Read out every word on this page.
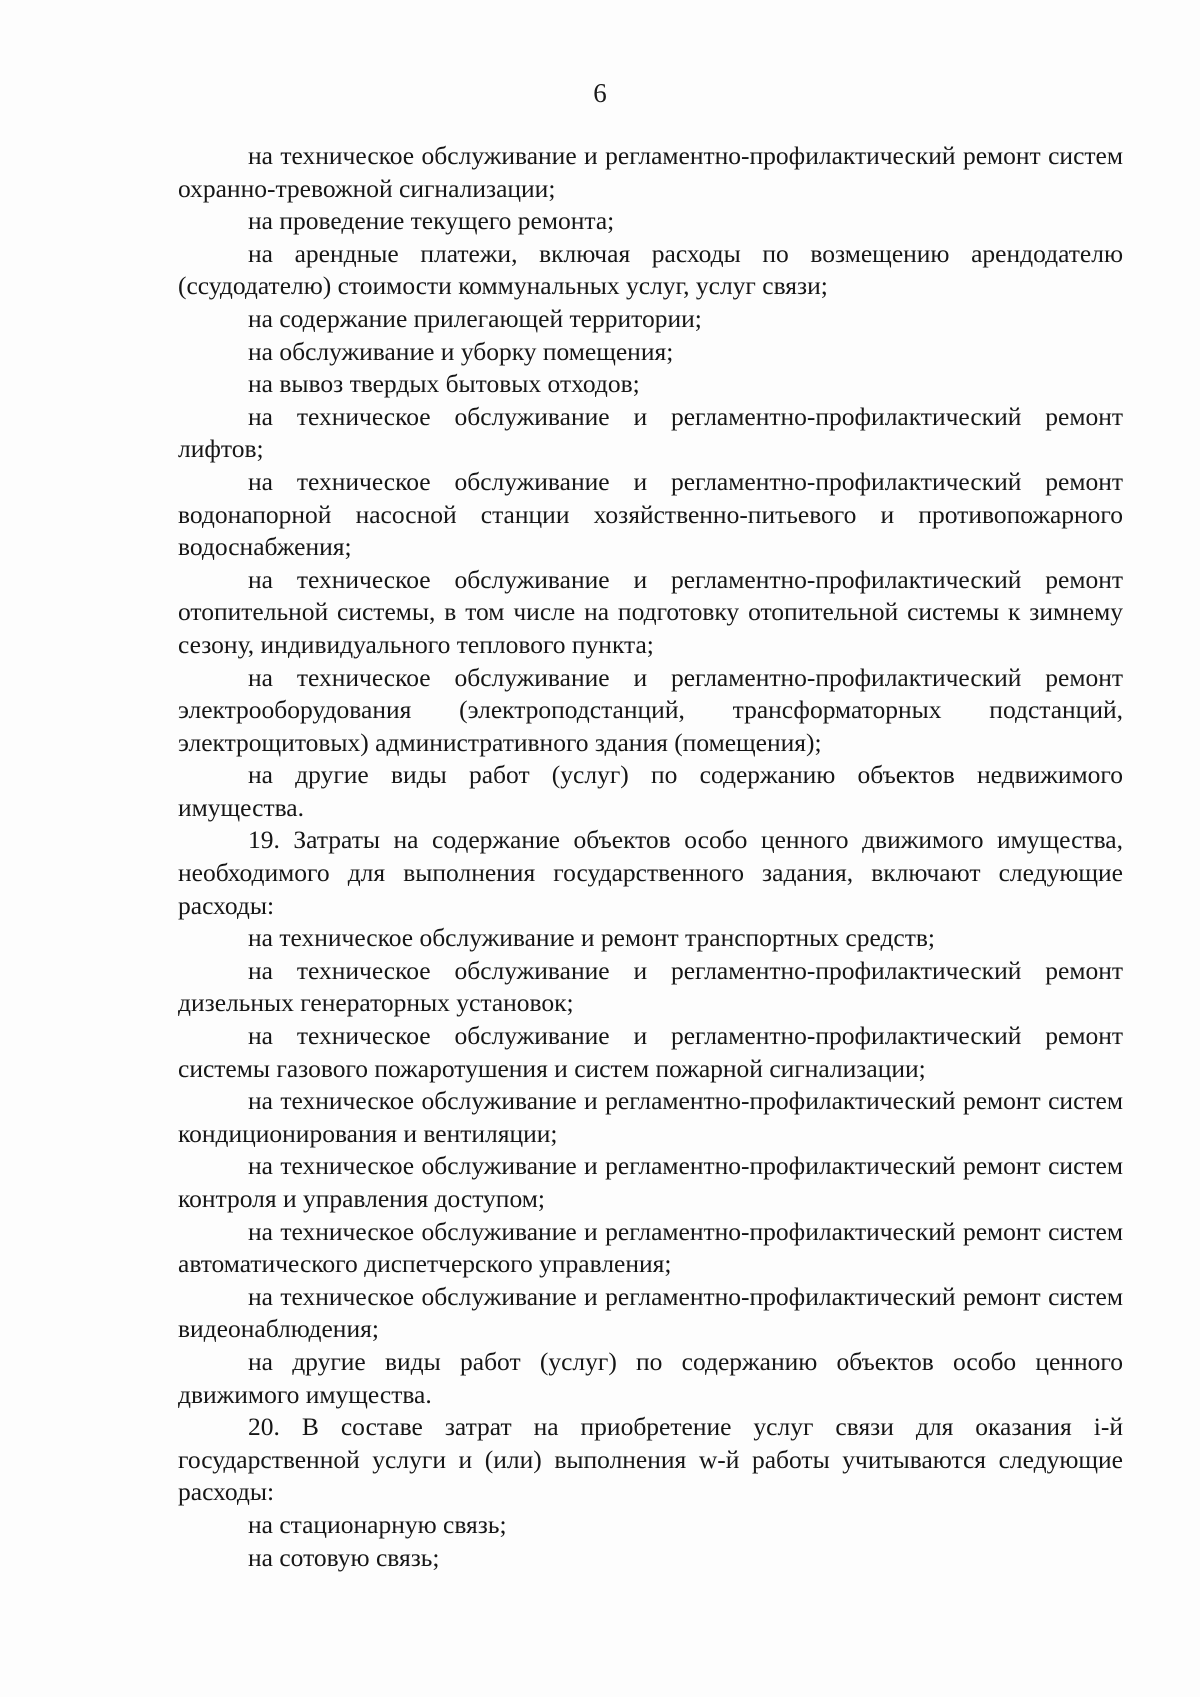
6

на техническое обслуживание и регламентно-профилактический ремонт систем охранно-тревожной сигнализации;

на проведение текущего ремонта;

на арендные платежи, включая расходы по возмещению арендодателю (ссудодателю) стоимости коммунальных услуг, услуг связи;

на содержание прилегающей территории;

на обслуживание и уборку помещения;

на вывоз твердых бытовых отходов;

на техническое обслуживание и регламентно-профилактический ремонт лифтов;

на техническое обслуживание и регламентно-профилактический ремонт водонапорной насосной станции хозяйственно-питьевого и противопожарного водоснабжения;

на техническое обслуживание и регламентно-профилактический ремонт отопительной системы, в том числе на подготовку отопительной системы к зимнему сезону, индивидуального теплового пункта;

на техническое обслуживание и регламентно-профилактический ремонт электрооборудования (электроподстанций, трансформаторных подстанций, электрощитовых) административного здания (помещения);

на другие виды работ (услуг) по содержанию объектов недвижимого имущества.

19. Затраты на содержание объектов особо ценного движимого имущества, необходимого для выполнения государственного задания, включают следующие расходы:

на техническое обслуживание и ремонт транспортных средств;

на техническое обслуживание и регламентно-профилактический ремонт дизельных генераторных установок;

на техническое обслуживание и регламентно-профилактический ремонт системы газового пожаротушения и систем пожарной сигнализации;

на техническое обслуживание и регламентно-профилактический ремонт систем кондиционирования и вентиляции;

на техническое обслуживание и регламентно-профилактический ремонт систем контроля и управления доступом;

на техническое обслуживание и регламентно-профилактический ремонт систем автоматического диспетчерского управления;

на техническое обслуживание и регламентно-профилактический ремонт систем видеонаблюдения;

на другие виды работ (услуг) по содержанию объектов особо ценного движимого имущества.

20. В составе затрат на приобретение услуг связи для оказания i-й государственной услуги и (или) выполнения w-й работы учитываются следующие расходы:

на стационарную связь;

на сотовую связь;
